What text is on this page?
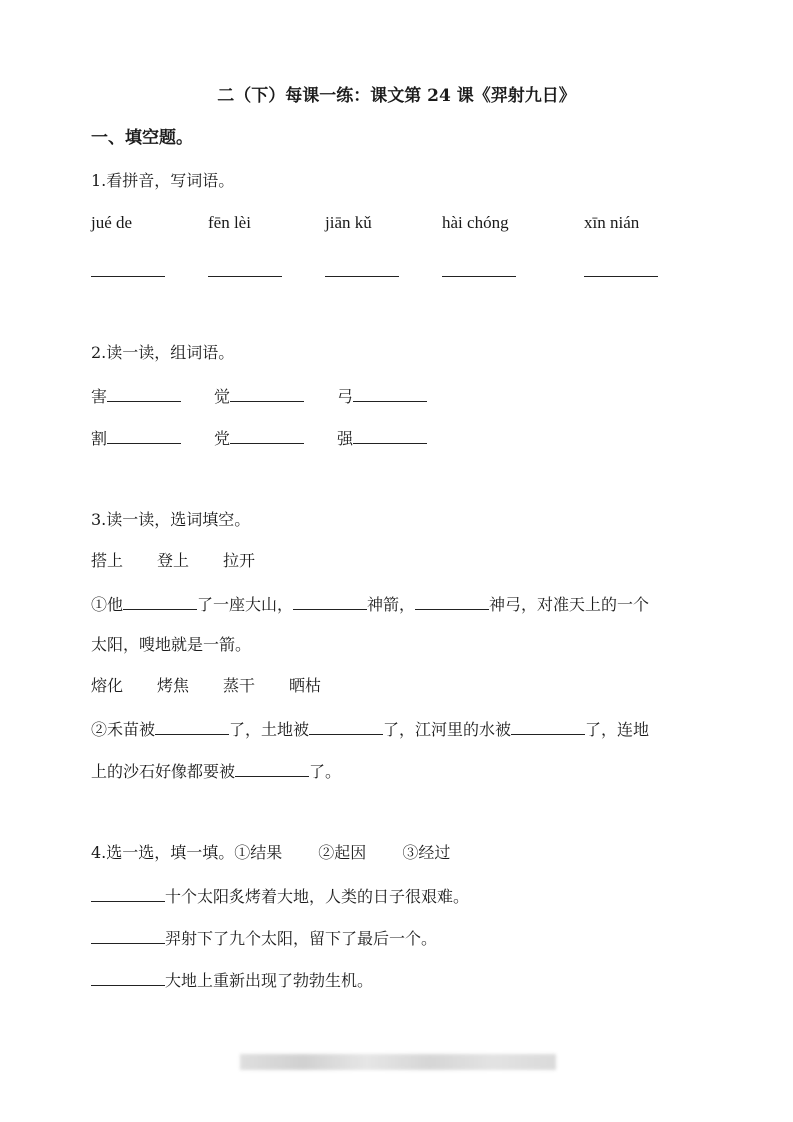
二（下）每课一练：课文第 24 课《羿射九日》
一、填空题。
1.看拼音，写词语。
jué de	fēn lèi	jiān kǔ	hài chóng	xīn nián
2.读一读，组词语。
害	觉	弓
割	党	强
3.读一读，选词填空。
搭上 登上 拉开
①他	了一座大山，	神箭，	神弓，对准天上的一个
太阳，嗖地就是一箭。
熔化 烤焦 蒸干 晒枯
②禾苗被	了，土地被	了，江河里的水被	了，连地
上的沙石好像都要被	了。
4.选一选，填一填。①结果 ②起因 ③经过
十个太阳炙烤着大地，人类的日子很艰难。
羿射下了九个太阳，留下了最后一个。
大地上重新出现了勃勃生机。
